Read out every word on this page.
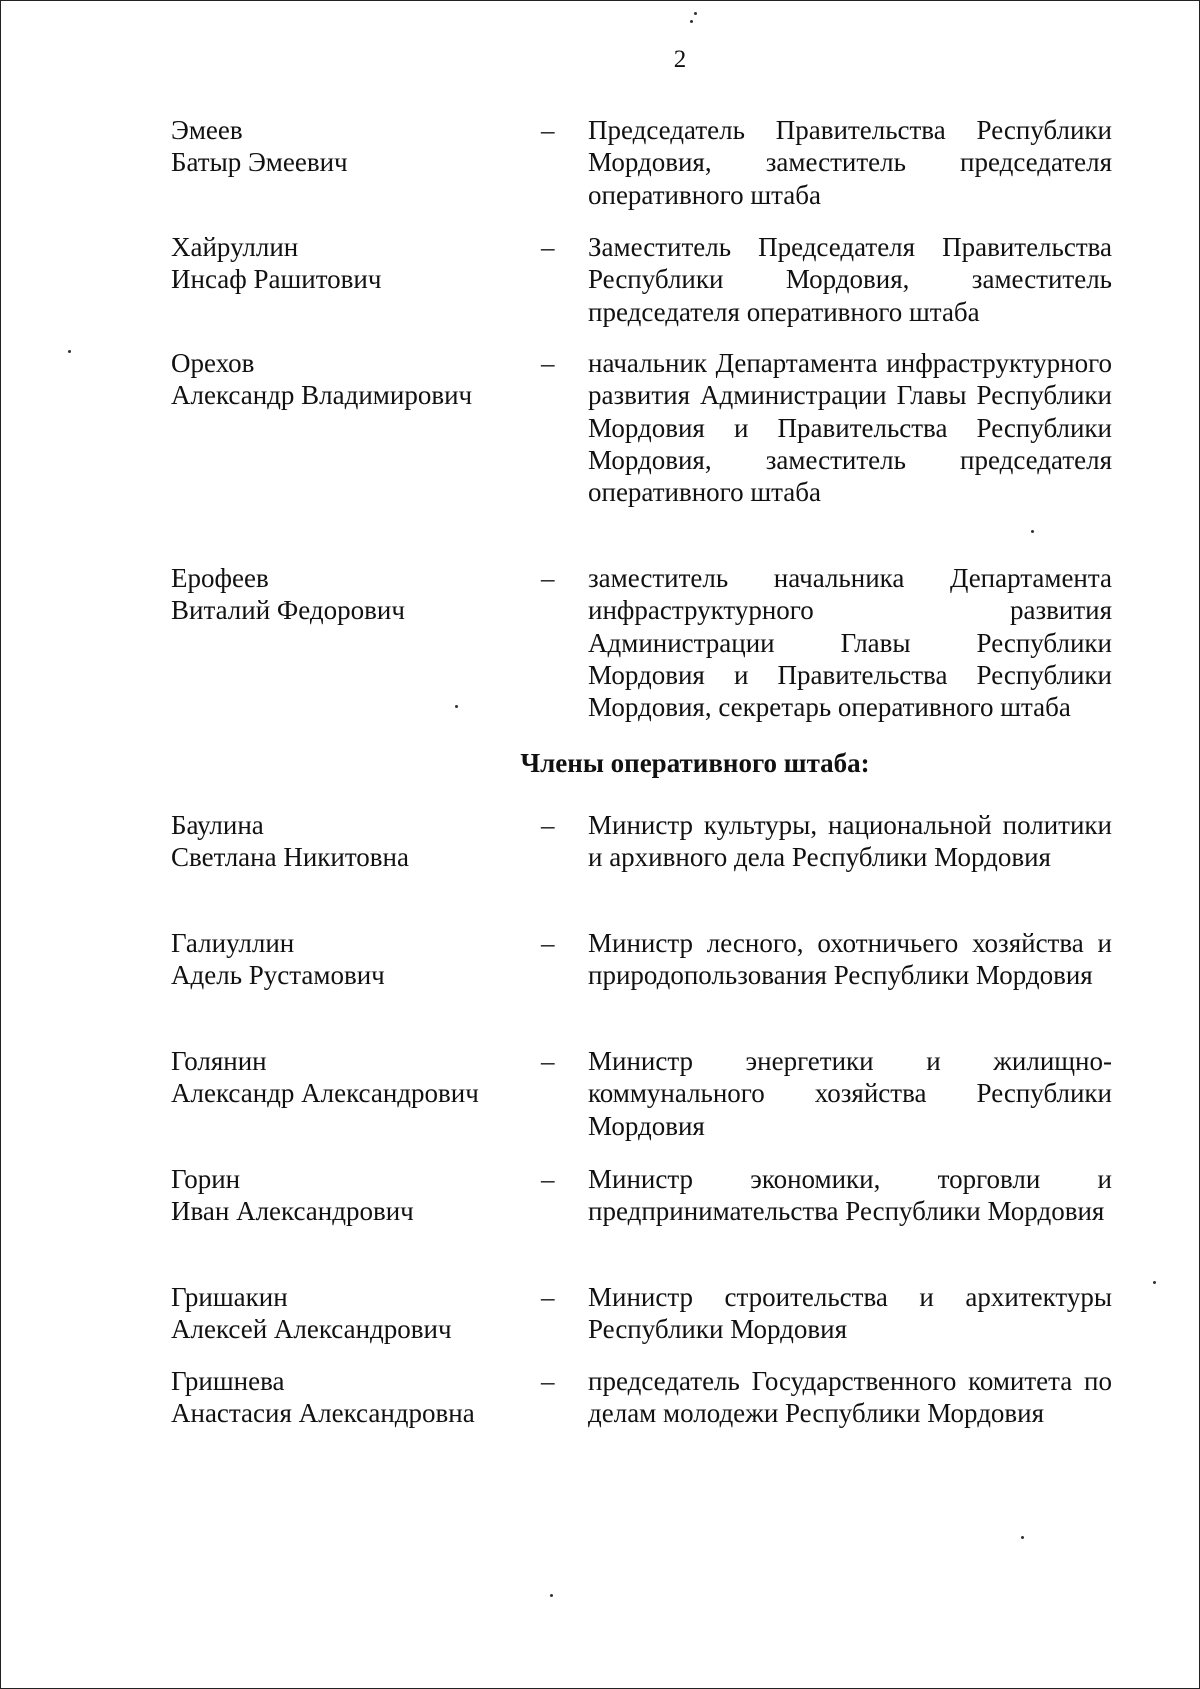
2
Эмеев
Батыр Эмеевич
– Председатель Правительства Республики Мордовия, заместитель председателя оперативного штаба
Хайруллин
Инсаф Рашитович
– Заместитель Председателя Правительства Республики Мордовия, заместитель председателя оперативного штаба
Орехов
Александр Владимирович
– начальник Департамента инфраструктурного развития Администрации Главы Республики Мордовия и Правительства Республики Мордовия, заместитель председателя оперативного штаба
Ерофеев
Виталий Федорович
– заместитель начальника Департамента инфраструктурного развития Администрации Главы Республики Мордовия и Правительства Республики Мордовия, секретарь оперативного штаба
Члены оперативного штаба:
Баулина
Светлана Никитовна
– Министр культуры, национальной политики и архивного дела Республики Мордовия
Галиуллин
Адель Рустамович
– Министр лесного, охотничьего хозяйства и природопользования Республики Мордовия
Голянин
Александр Александрович
– Министр энергетики и жилищно-коммунального хозяйства Республики Мордовия
Горин
Иван Александрович
– Министр экономики, торговли и предпринимательства Республики Мордовия
Гришакин
Алексей Александрович
– Министр строительства и архитектуры Республики Мордовия
Гришнева
Анастасия Александровна
– председатель Государственного комитета по делам молодежи Республики Мордовия
